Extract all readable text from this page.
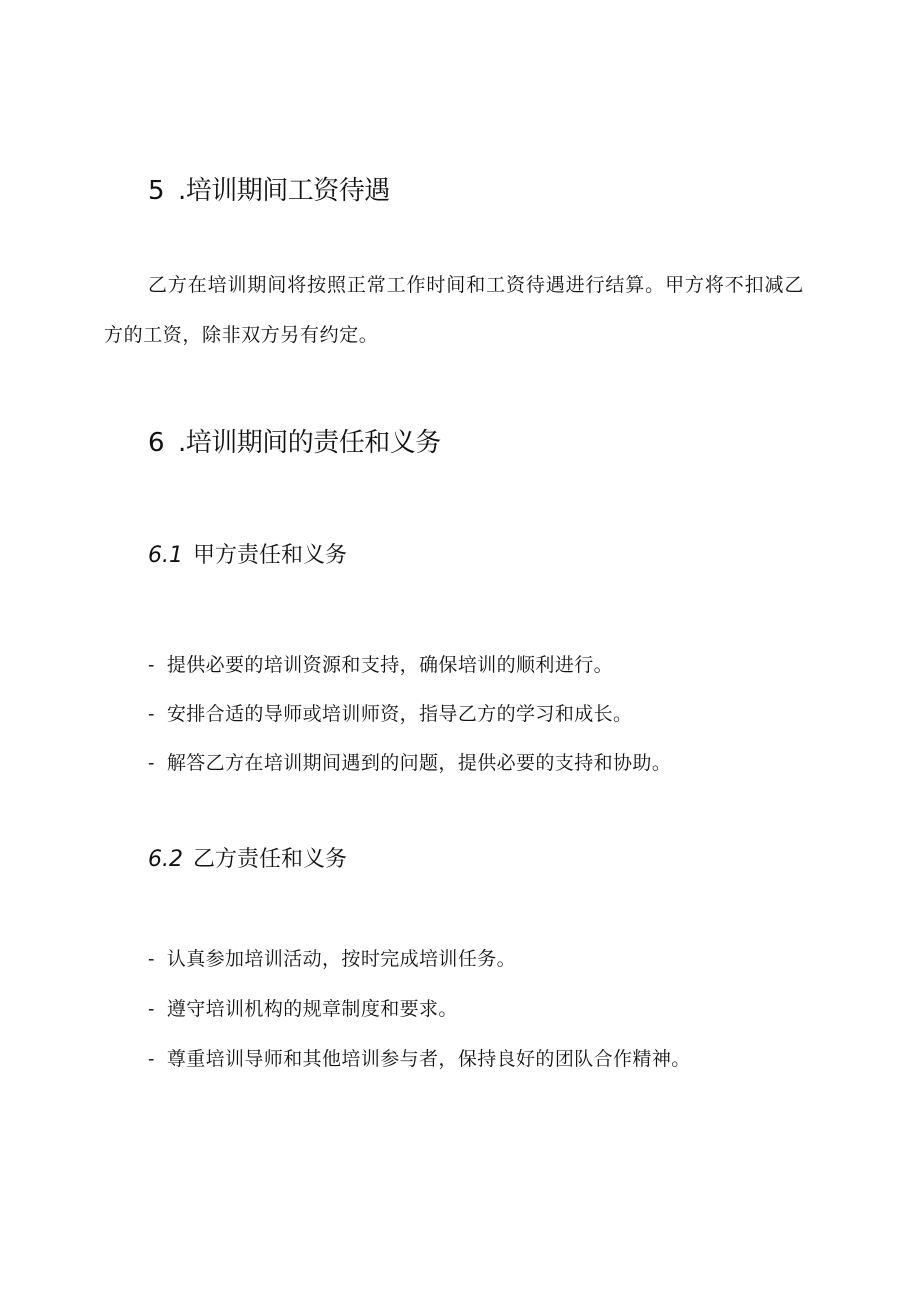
5 .培训期间工资待遇
乙方在培训期间将按照正常工作时间和工资待遇进行结算。甲方将不扣减乙方的工资，除非双方另有约定。
6 .培训期间的责任和义务
6.1 甲方责任和义务
- 提供必要的培训资源和支持，确保培训的顺利进行。
- 安排合适的导师或培训师资，指导乙方的学习和成长。
- 解答乙方在培训期间遇到的问题，提供必要的支持和协助。
6.2 乙方责任和义务
- 认真参加培训活动，按时完成培训任务。
- 遵守培训机构的规章制度和要求。
- 尊重培训导师和其他培训参与者，保持良好的团队合作精神。
